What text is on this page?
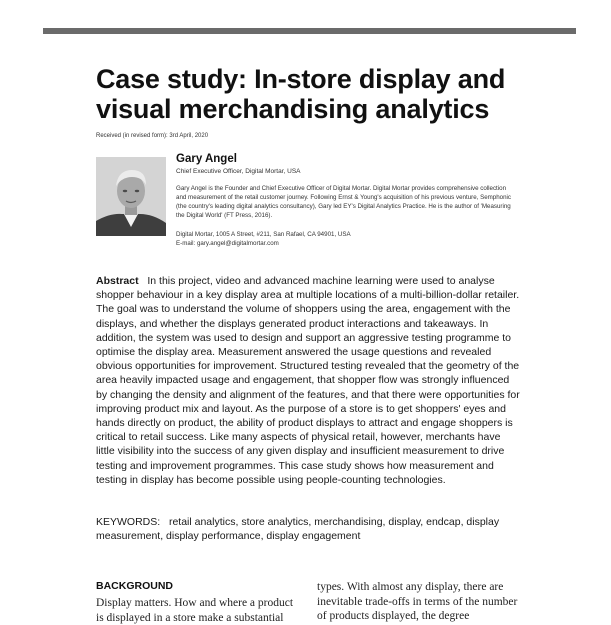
Case study: In-store display and visual merchandising analytics
Received (in revised form): 3rd April, 2020
Gary Angel
Chief Executive Officer, Digital Mortar, USA
Gary Angel is the Founder and Chief Executive Officer of Digital Mortar. Digital Mortar provides comprehensive collection and measurement of the retail customer journey. Following Ernst & Young's acquisition of his previous venture, Semphonic (the country's leading digital analytics consultancy), Gary led EY's Digital Analytics Practice. He is the author of 'Measuring the Digital World' (FT Press, 2016).
Digital Mortar, 1005 A Street, #211, San Rafael, CA 94901, USA
E-mail: gary.angel@digitalmortar.com

Abstract In this project, video and advanced machine learning were used to analyse shopper behaviour in a key display area at multiple locations of a multi-billion-dollar retailer. The goal was to understand the volume of shoppers using the area, engagement with the displays, and whether the displays generated product interactions and takeaways. In addition, the system was used to design and support an aggressive testing programme to optimise the display area. Measurement answered the usage questions and revealed obvious opportunities for improvement. Structured testing revealed that the geometry of the area heavily impacted usage and engagement, that shopper flow was strongly influenced by changing the density and alignment of the features, and that there were opportunities for improving product mix and layout. As the purpose of a store is to get shoppers' eyes and hands directly on product, the ability of product displays to attract and engage shoppers is critical to retail success. Like many aspects of physical retail, however, merchants have little visibility into the success of any given display and insufficient measurement to drive testing and improvement programmes. This case study shows how measurement and testing in display has become possible using people-counting technologies.

KEYWORDS: retail analytics, store analytics, merchandising, display, endcap, display measurement, display performance, display engagement

BACKGROUND

Display matters. How and where a product is displayed in a store make a substantial

types. With almost any display, there are inevitable trade-offs in terms of the number of products displayed, the degree
